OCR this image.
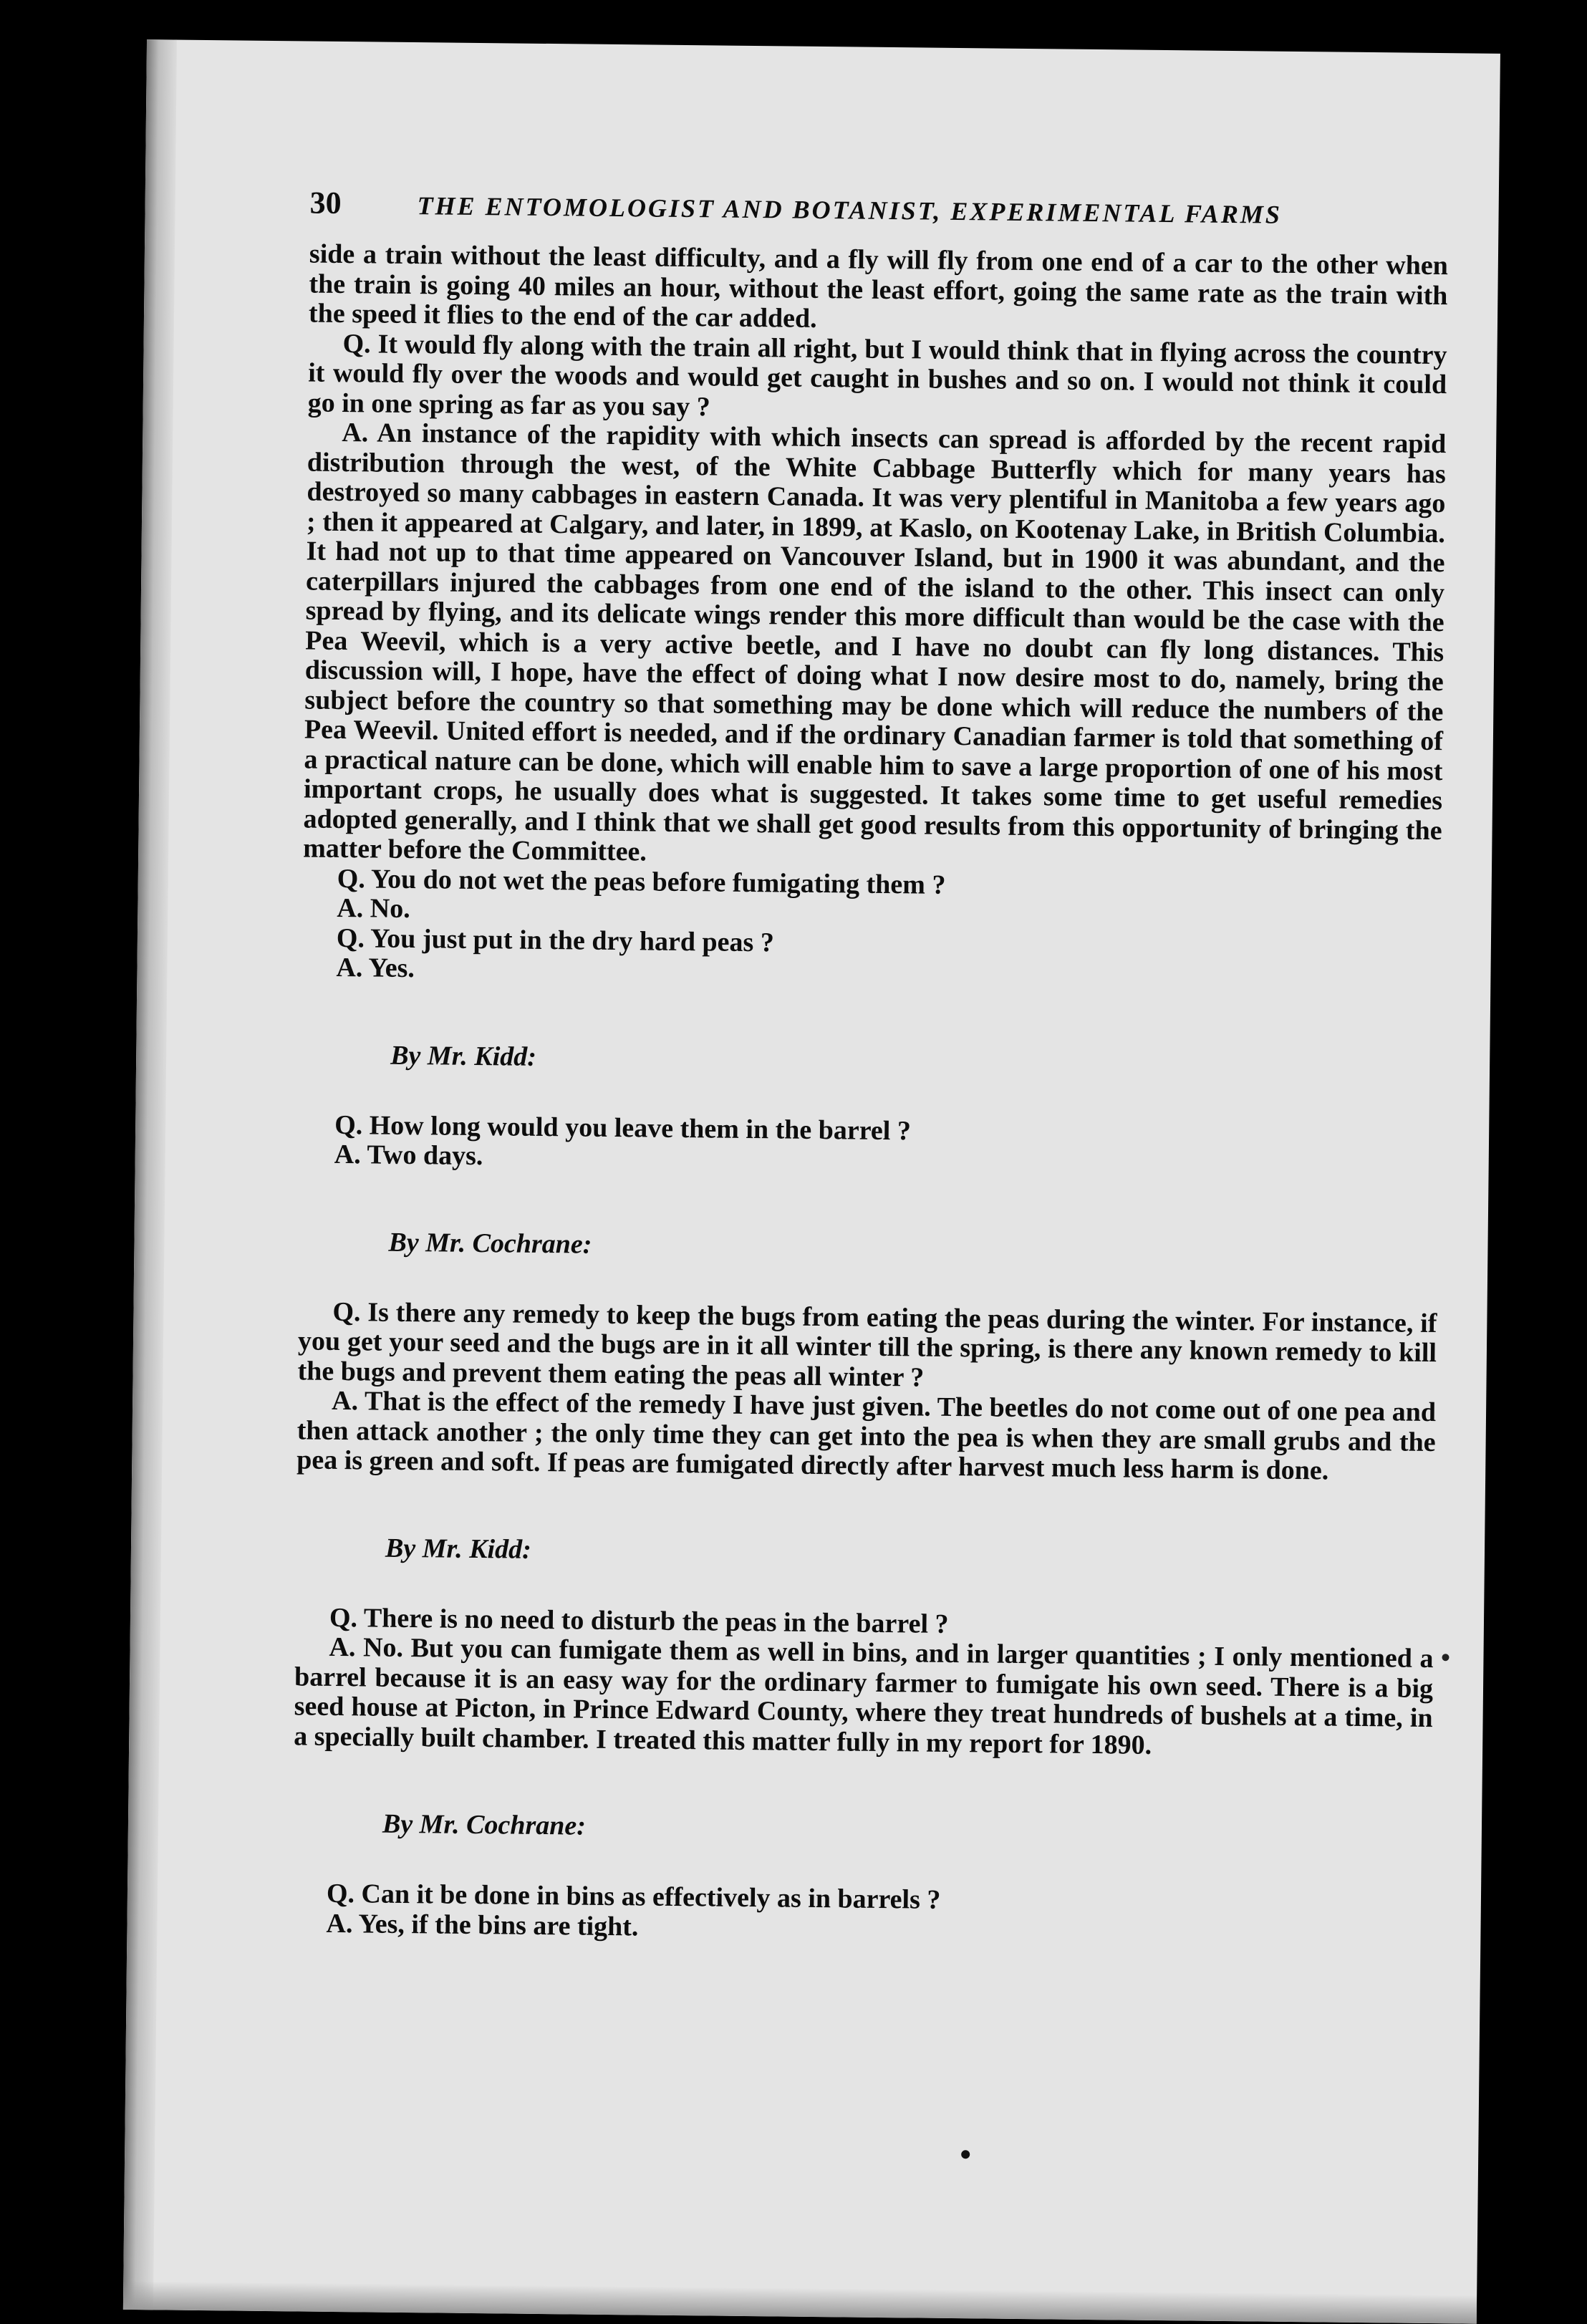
30	THE ENTOMOLOGIST AND BOTANIST, EXPERIMENTAL FARMS

side a train without the least difficulty, and a fly will fly from one end of a car to the other when the train is going 40 miles an hour, without the least effort, going the same rate as the train with the speed it flies to the end of the car added.

Q. It would fly along with the train all right, but I would think that in flying across the country it would fly over the woods and would get caught in bushes and so on. I would not think it could go in one spring as far as you say ?

A. An instance of the rapidity with which insects can spread is afforded by the recent rapid distribution through the west, of the White Cabbage Butterfly which for many years has destroyed so many cabbages in eastern Canada. It was very plentiful in Manitoba a few years ago ; then it appeared at Calgary, and later, in 1899, at Kaslo, on Kootenay Lake, in British Columbia. It had not up to that time appeared on Vancouver Island, but in 1900 it was abundant, and the caterpillars injured the cabbages from one end of the island to the other. This insect can only spread by flying, and its delicate wings render this more difficult than would be the case with the Pea Weevil, which is a very active beetle, and I have no doubt can fly long distances. This discussion will, I hope, have the effect of doing what I now desire most to do, namely, bring the subject before the country so that something may be done which will reduce the numbers of the Pea Weevil. United effort is needed, and if the ordinary Canadian farmer is told that something of a practical nature can be done, which will enable him to save a large proportion of one of his most important crops, he usually does what is suggested. It takes some time to get useful remedies adopted generally, and I think that we shall get good results from this opportunity of bringing the matter before the Committee.

Q. You do not wet the peas before fumigating them ?

A. No.

Q. You just put in the dry hard peas ?

A. Yes.

By Mr. Kidd:

Q. How long would you leave them in the barrel ?

A. Two days.

By Mr. Cochrane:

Q. Is there any remedy to keep the bugs from eating the peas during the winter. For instance, if you get your seed and the bugs are in it all winter till the spring, is there any known remedy to kill the bugs and prevent them eating the peas all winter ?

A. That is the effect of the remedy I have just given. The beetles do not come out of one pea and then attack another ; the only time they can get into the pea is when they are small grubs and the pea is green and soft. If peas are fumigated directly after harvest much less harm is done.

By Mr. Kidd:

Q. There is no need to disturb the peas in the barrel ?

A. No. But you can fumigate them as well in bins, and in larger quantities ; I only mentioned a barrel because it is an easy way for the ordinary farmer to fumigate his own seed. There is a big seed house at Picton, in Prince Edward County, where they treat hundreds of bushels at a time, in a specially built chamber. I treated this matter fully in my report for 1890.

By Mr. Cochrane:

Q. Can it be done in bins as effectively as in barrels ?

A. Yes, if the bins are tight.
